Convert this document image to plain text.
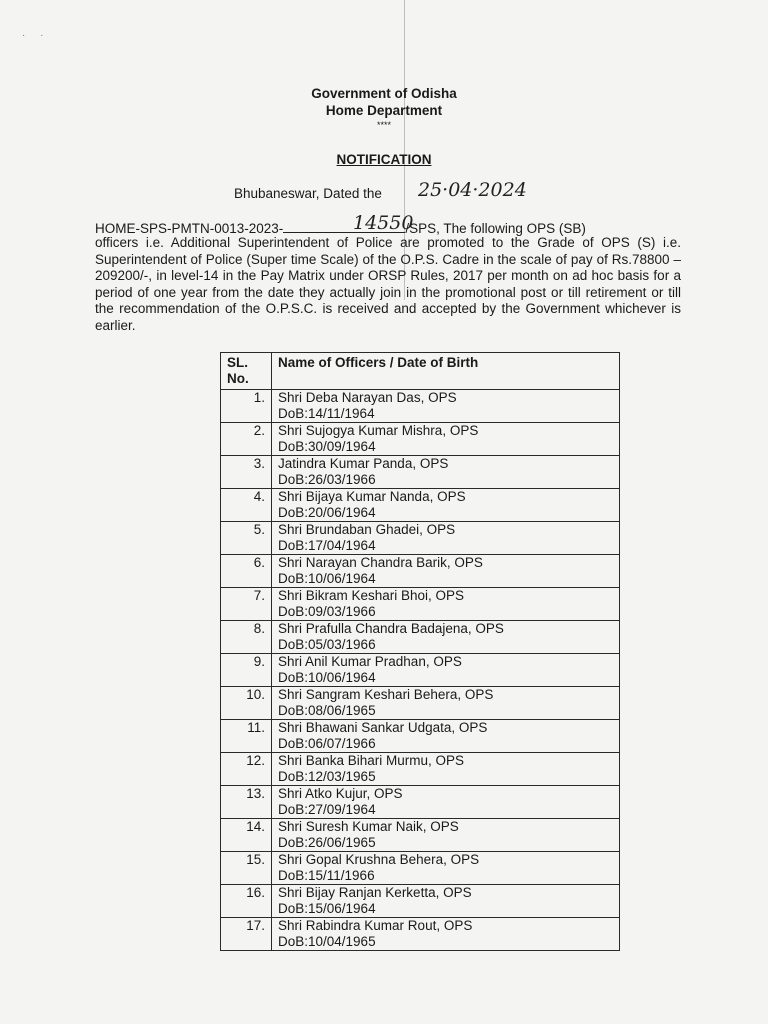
· ·
Government of Odisha
Home Department
****
NOTIFICATION
Bhubaneswar, Dated the 25·04·2024
HOME-SPS-PMTN-0013-2023-	/SPS, The following OPS (SB)
14550
officers i.e. Additional Superintendent of Police are promoted to the Grade of OPS (S) i.e. Superintendent of Police (Super time Scale) of the O.P.S. Cadre in the scale of pay of Rs.78800 – 209200/-, in level-14 in the Pay Matrix under ORSP Rules, 2017 per month on ad hoc basis for a period of one year from the date they actually join in the promotional post or till retirement or till the recommendation of the O.P.S.C. is received and accepted by the Government whichever is earlier.
SL. No.	Name of Officers / Date of Birth
1.	Shri Deba Narayan Das, OPS
DoB:14/11/1964

2.	Shri Sujogya Kumar Mishra, OPS
DoB:30/09/1964

3.	Jatindra Kumar Panda, OPS
DoB:26/03/1966

4.	Shri Bijaya Kumar Nanda, OPS
DoB:20/06/1964

5.	Shri Brundaban Ghadei, OPS
DoB:17/04/1964

6.	Shri Narayan Chandra Barik, OPS
DoB:10/06/1964

7.	Shri Bikram Keshari Bhoi, OPS
DoB:09/03/1966

8.	Shri Prafulla Chandra Badajena, OPS
DoB:05/03/1966

9.	Shri Anil Kumar Pradhan, OPS
DoB:10/06/1964

10.	Shri Sangram Keshari Behera, OPS
DoB:08/06/1965

11.	Shri Bhawani Sankar Udgata, OPS
DoB:06/07/1966

12.	Shri Banka Bihari Murmu, OPS
DoB:12/03/1965

13.	Shri Atko Kujur, OPS
DoB:27/09/1964

14.	Shri Suresh Kumar Naik, OPS
DoB:26/06/1965

15.	Shri Gopal Krushna Behera, OPS
DoB:15/11/1966

16.	Shri Bijay Ranjan Kerketta, OPS
DoB:15/06/1964

17.	Shri Rabindra Kumar Rout, OPS
DoB:10/04/1965
